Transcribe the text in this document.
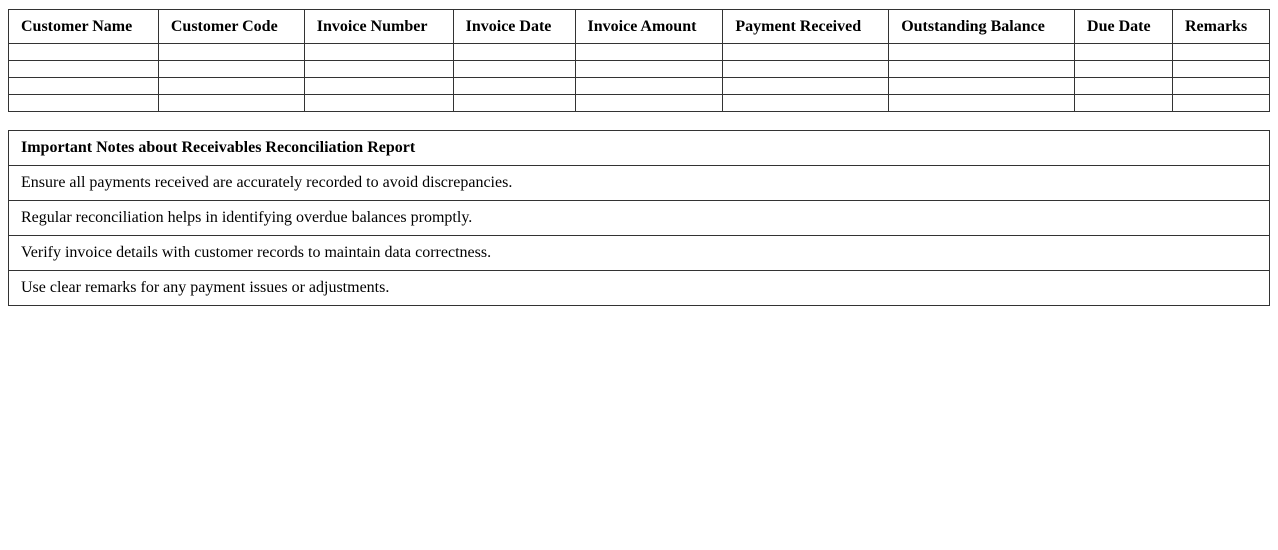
Customer Name	Customer Code	Invoice Number	Invoice Date	Invoice Amount	Payment Received	Outstanding Balance	Due Date	Remarks

Important Notes about Receivables Reconciliation Report
Ensure all payments received are accurately recorded to avoid discrepancies.
Regular reconciliation helps in identifying overdue balances promptly.
Verify invoice details with customer records to maintain data correctness.
Use clear remarks for any payment issues or adjustments.
